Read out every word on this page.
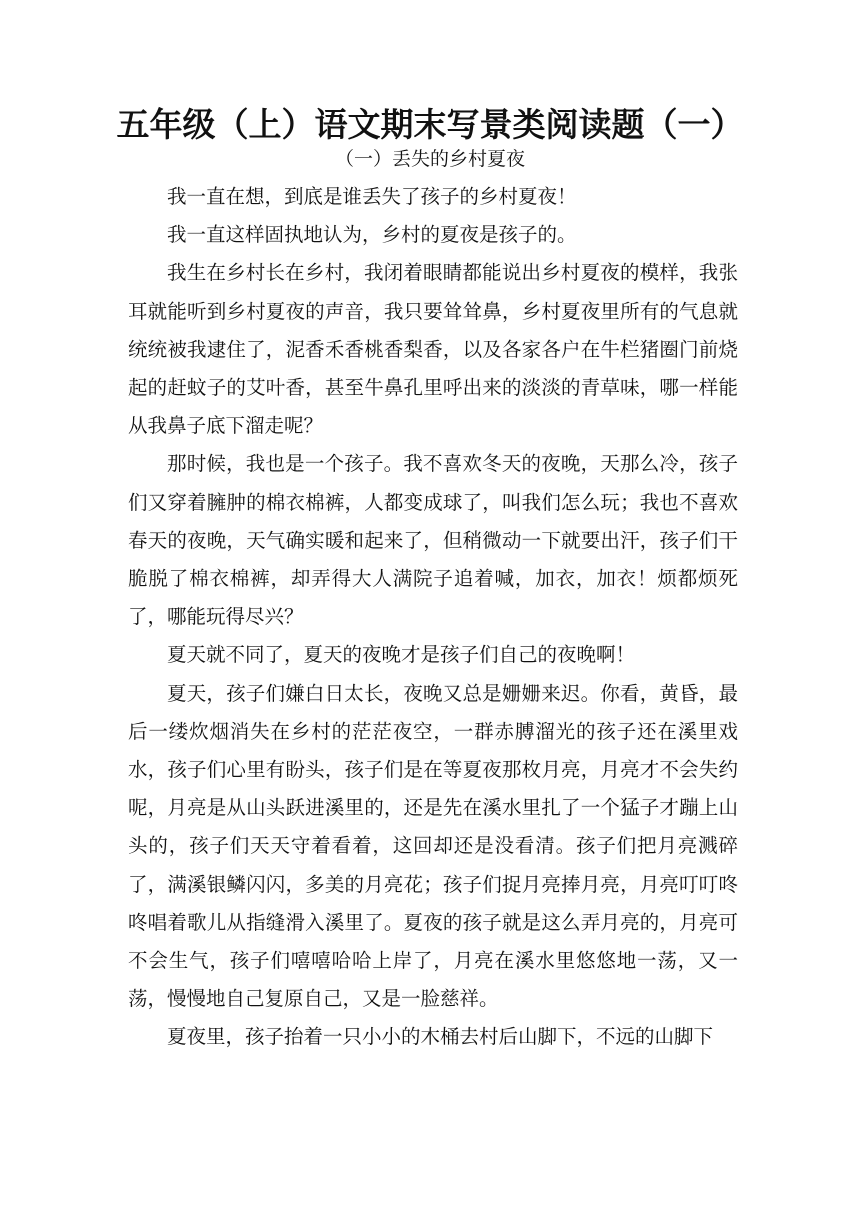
五年级（上）语文期末写景类阅读题（一）
（一）丢失的乡村夏夜

我一直在想，到底是谁丢失了孩子的乡村夏夜！

我一直这样固执地认为，乡村的夏夜是孩子的。

我生在乡村长在乡村，我闭着眼睛都能说出乡村夏夜的模样，我张耳就能听到乡村夏夜的声音，我只要耸耸鼻，乡村夏夜里所有的气息就统统被我逮住了，泥香禾香桃香梨香，以及各家各户在牛栏猪圈门前烧起的赶蚊子的艾叶香，甚至牛鼻孔里呼出来的淡淡的青草味，哪一样能从我鼻子底下溜走呢？

那时候，我也是一个孩子。我不喜欢冬天的夜晚，天那么冷，孩子们又穿着臃肿的棉衣棉裤，人都变成球了，叫我们怎么玩；我也不喜欢春天的夜晚，天气确实暖和起来了，但稍微动一下就要出汗，孩子们干脆脱了棉衣棉裤，却弄得大人满院子追着喊，加衣，加衣！烦都烦死了，哪能玩得尽兴？

夏天就不同了，夏天的夜晚才是孩子们自己的夜晚啊！

夏天，孩子们嫌白日太长，夜晚又总是姗姗来迟。你看，黄昏，最后一缕炊烟消失在乡村的茫茫夜空，一群赤膊溜光的孩子还在溪里戏水，孩子们心里有盼头，孩子们是在等夏夜那枚月亮，月亮才不会失约呢，月亮是从山头跃进溪里的，还是先在溪水里扎了一个猛子才蹦上山头的，孩子们天天守着看着，这回却还是没看清。孩子们把月亮溅碎了，满溪银鳞闪闪，多美的月亮花；孩子们捉月亮捧月亮，月亮叮叮咚咚唱着歌儿从指缝滑入溪里了。夏夜的孩子就是这么弄月亮的，月亮可不会生气，孩子们嘻嘻哈哈上岸了，月亮在溪水里悠悠地一荡，又一荡，慢慢地自己复原自己，又是一脸慈祥。

夏夜里，孩子抬着一只小小的木桶去村后山脚下，不远的山脚下
